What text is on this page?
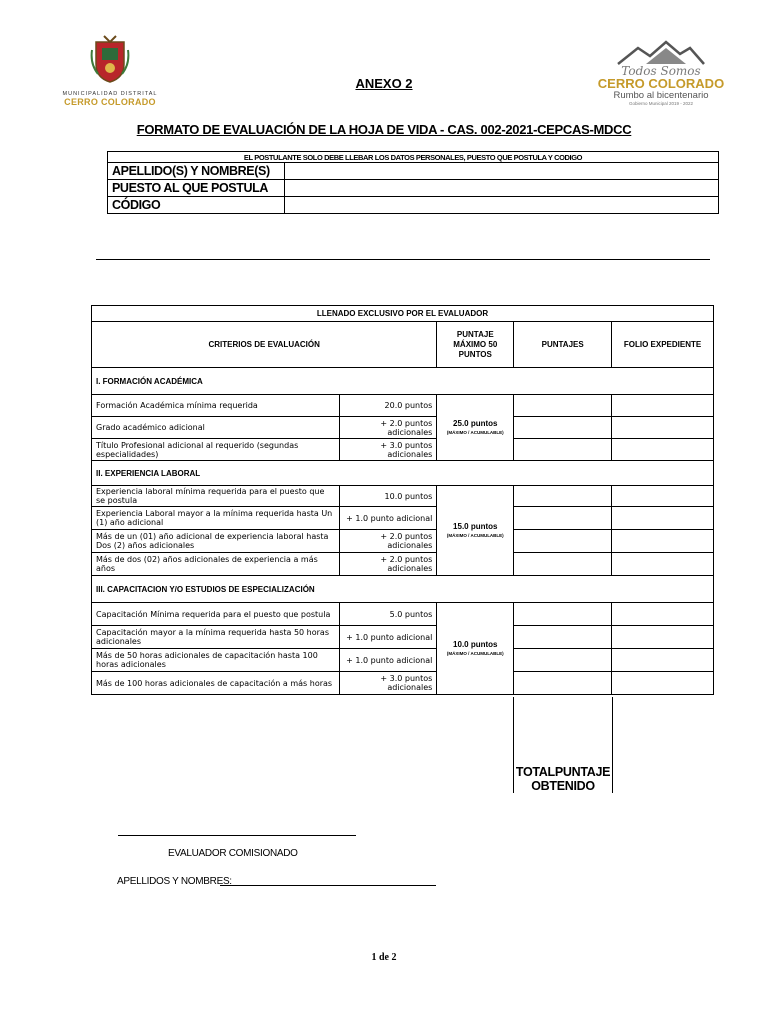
MUNICIPALIDAD DISTRITAL
CERRO COLORADO
Todos Somos
CERRO COLORADO
Rumbo al bicentenario
Gobierno Municipal 2019 - 2022
ANEXO 2
FORMATO DE EVALUACIÓN DE LA HOJA DE VIDA - CAS. 002-2021-CEPCAS-MDCC
EL POSTULANTE SOLO DEBE LLEBAR LOS DATOS PERSONALES, PUESTO QUE POSTULA Y CODIGO	
APELLIDO(S) Y NOMBRE(S)	
PUESTO AL QUE POSTULA	
CÓDIGO	
LLENADO EXCLUSIVO POR EL EVALUADOR				
CRITERIOS DE EVALUACIÓN		PUNTAJE MÁXIMO 50 PUNTOS	PUNTAJES	FOLIO EXPEDIENTE
I. FORMACIÓN ACADÉMICA				
Formación Académica mínima requerida	20.0 puntos	25.0 puntos
(MÁXIMO / ACUMULABLE)		

Grado académico adicional	+ 2.0 puntos adicionales			
Título Profesional adicional al requerido (segundas especialidades)	+ 3.0 puntos adicionales			
II. EXPERIENCIA LABORAL				
Experiencia laboral mínima requerida para el puesto que se postula	10.0 puntos	15.0 puntos
(MÁXIMO / ACUMULABLE)		

Experiencia Laboral mayor a la mínima requerida hasta Un (1) año adicional	+ 1.0 punto adicional			
Más de un (01) año adicional de experiencia laboral hasta Dos (2) años adicionales	+ 2.0 puntos adicionales			
Más de dos (02) años adicionales de experiencia a más años	+ 2.0 puntos adicionales			
III. CAPACITACION Y/O ESTUDIOS DE ESPECIALIZACIÓN				
Capacitación Mínima requerida para el puesto que postula	5.0 puntos	10.0 puntos
(MÁXIMO / ACUMULABLE)		

Capacitación mayor a la mínima requerida hasta 50 horas adicionales	+ 1.0 punto adicional			
Más de 50 horas adicionales de capacitación hasta 100 horas adicionales	+ 1.0 punto adicional			
Más de 100 horas adicionales de capacitación a más horas	+ 3.0 puntos adicionales			
TOTALPUNTAJE OBTENIDO
EVALUADOR COMISIONADO
APELLIDOS Y NOMBRES:
1 de 2
